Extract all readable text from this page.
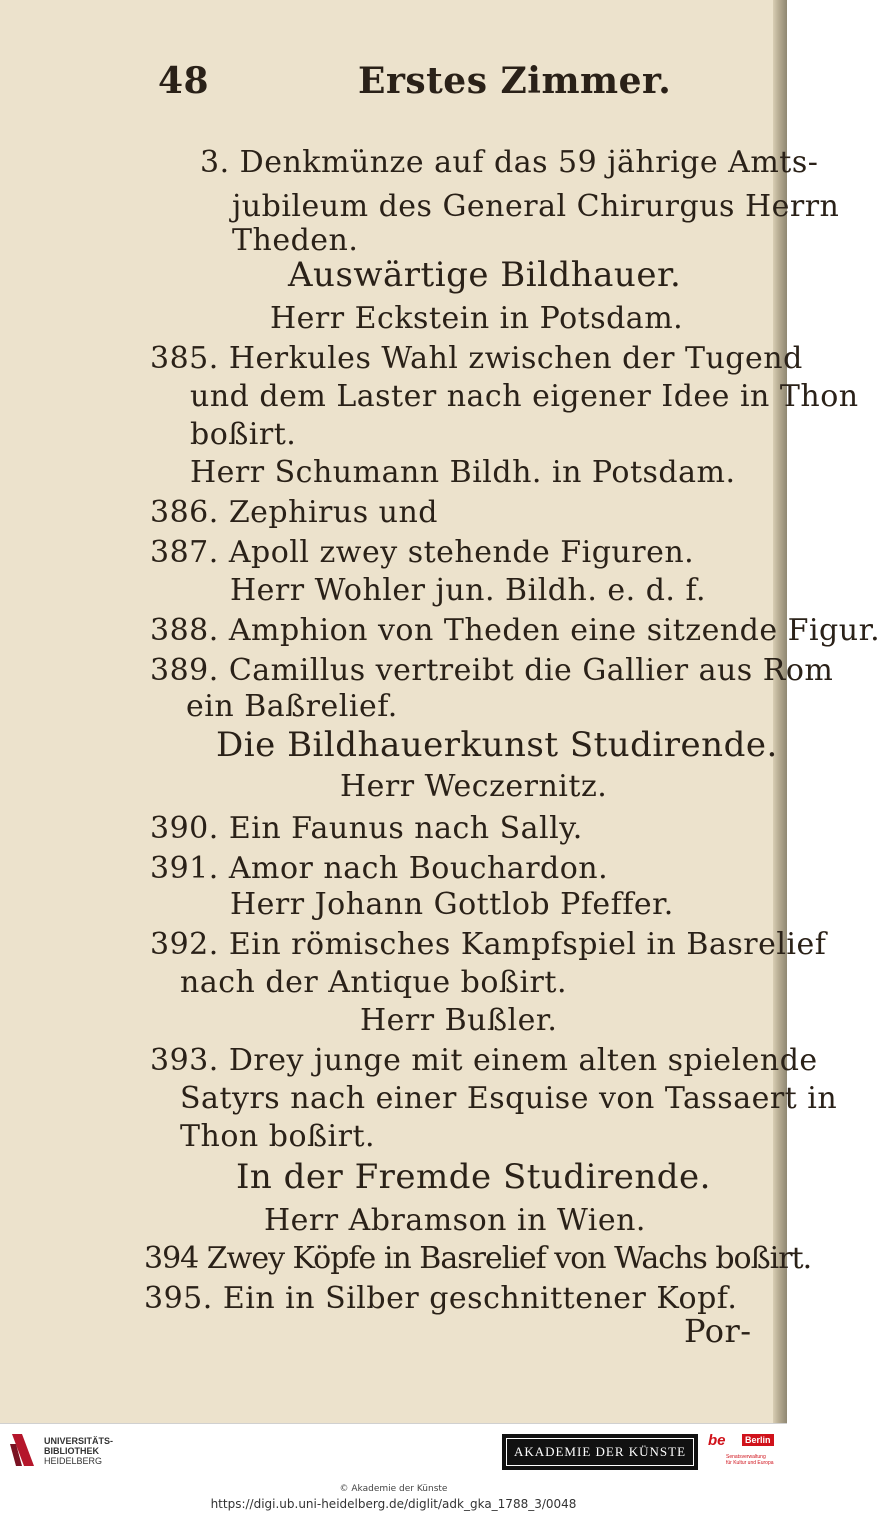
48	Erstes Zimmer.
3. Denkmünze auf das 59 jährige Amts-
jubileum des General Chirurgus Herrn
Theden.
Auswärtige Bildhauer.
Herr Eckstein in Potsdam.
385. Herkules Wahl zwischen der Tugend
und dem Laster nach eigener Idee in Thon
boßirt.
Herr Schumann Bildh. in Potsdam.
386. Zephirus und
387. Apoll zwey stehende Figuren.
Herr Wohler jun. Bildh. e. d. f.
388. Amphion von Theden eine sitzende Figur.
389. Camillus vertreibt die Gallier aus Rom
ein Baßrelief.
Die Bildhauerkunst Studirende.
Herr Weczernitz.
390. Ein Faunus nach Sally.
391. Amor nach Bouchardon.
Herr Johann Gottlob Pfeffer.
392. Ein römisches Kampfspiel in Basrelief
nach der Antique boßirt.
Herr Bußler.
393. Drey junge mit einem alten spielende
Satyrs nach einer Esquise von Tassaert in
Thon boßirt.
In der Fremde Studirende.
Herr Abramson in Wien.
394 Zwey Köpfe in Basrelief von Wachs boßirt.
395. Ein in Silber geschnittener Kopf.
Por-
UNIVERSITÄTS-
BIBLIOTHEK
HEIDELBERG
AKADEMIE DER KÜNSTE
be	Berlin
Senatsverwaltung
für Kultur und Europa
© Akademie der Künste
https://digi.ub.uni-heidelberg.de/diglit/adk_gka_1788_3/0048
